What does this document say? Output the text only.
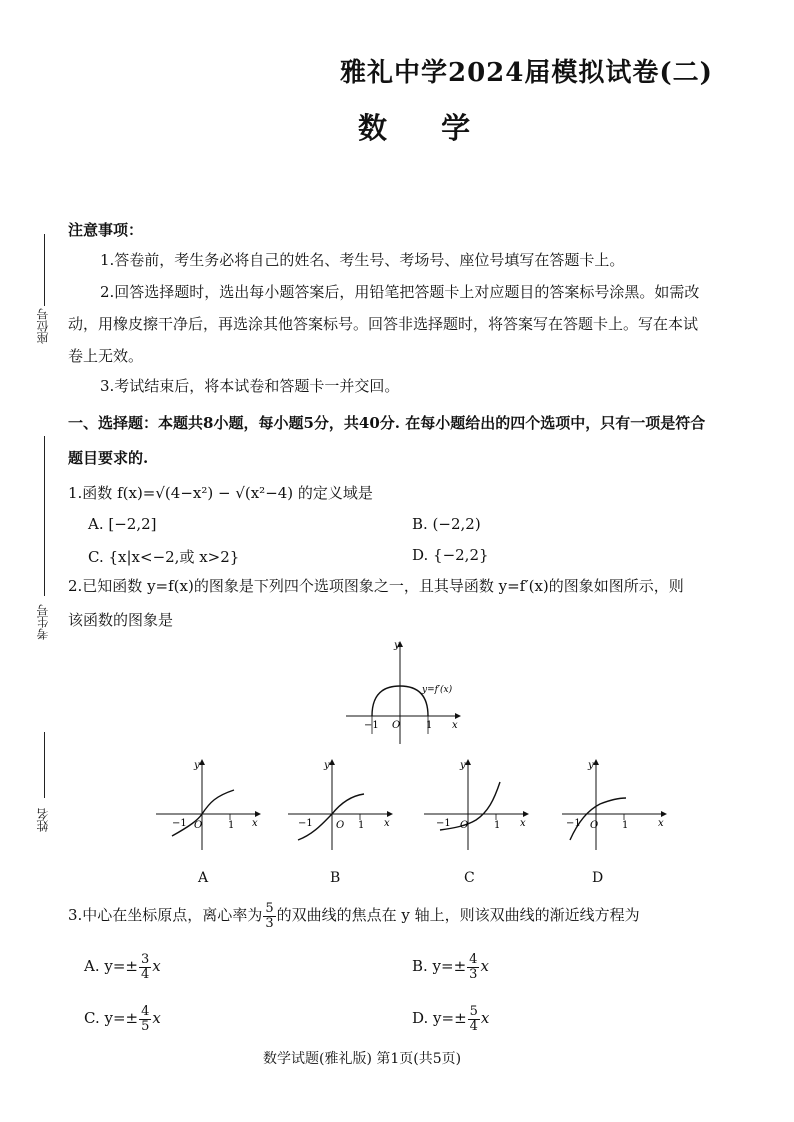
雅礼中学2024届模拟试卷(二)
数 学
座位号
考生号
姓名
注意事项：
1.答卷前，考生务必将自己的姓名、考生号、考场号、座位号填写在答题卡上。
2.回答选择题时，选出每小题答案后，用铅笔把答题卡上对应题目的答案标号涂黑。如需改
动，用橡皮擦干净后，再选涂其他答案标号。回答非选择题时，将答案写在答题卡上。写在本试
卷上无效。
3.考试结束后，将本试卷和答题卡一并交回。
一、选择题：本题共8小题，每小题5分，共40分. 在每小题给出的四个选项中，只有一项是符合
题目要求的.
1.函数 f(x)=√(4−x²) − √(x²−4) 的定义域是
A. [−2,2]	B. (−2,2)
C. {x|x<−2,或 x>2}	D. {−2,2}
2.已知函数 y=f(x)的图象是下列四个选项图象之一，且其导函数 y=f′(x)的图象如图所示，则
该函数的图象是
y
x
−1 O	1
y=f′(x)
y
x
−1 O	1
A
y
x
−1 O 1
B
y
x
−1 O	1
C
y
x
−1 O 1
D
3.中心在坐标原点，离心率为 $\frac{5}{3}$ 的双曲线的焦点在 y 轴上，则该双曲线的渐近线方程为
A. $y=\pm \frac{3}{4}$ x	B. $y=\pm \frac{4}{3}$ x
C. $y=\pm \frac{4}{5}$ x	D. $y=\pm \frac{5}{4}$ x
数学试题(雅礼版) 第1页(共5页)
